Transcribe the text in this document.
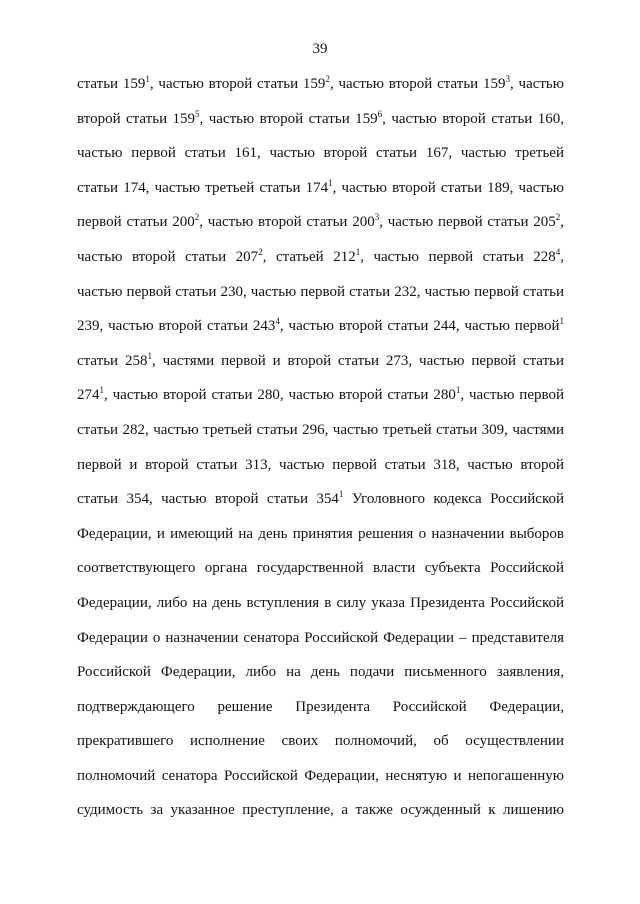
39
статьи $159^1$, частью второй статьи $159^2$, частью второй статьи $159^3$, частью
второй статьи $159^5$, частью второй статьи $159^6$, частью второй статьи 160,
частью первой статьи 161, частью второй статьи 167, частью третьей
статьи 174, частью третьей статьи $174^1$, частью второй статьи 189, частью
первой статьи $200^2$, частью второй статьи $200^3$, частью первой статьи $205^2$,
частью второй статьи $207^2$, статьей $212^1$, частью первой статьи $228^4$,
частью первой статьи 230, частью первой статьи 232, частью первой статьи
239, частью второй статьи $243^4$, частью второй статьи 244, частью первой$^1$
статьи $258^1$, частями первой и второй статьи 273, частью первой статьи
$274^1$, частью второй статьи 280, частью второй статьи $280^1$, частью первой
статьи 282, частью третьей статьи 296, частью третьей статьи 309, частями
первой и второй статьи 313, частью первой статьи 318, частью второй
статьи 354, частью второй статьи $354^1$ Уголовного кодекса Российской
Федерации, и имеющий на день принятия решения о назначении выборов
соответствующего органа государственной власти субъекта Российской
Федерации, либо на день вступления в силу указа Президента Российской
Федерации о назначении сенатора Российской Федерации – представителя
Российской Федерации, либо на день подачи письменного заявления,
подтверждающего решение Президента Российской Федерации,
прекратившего исполнение своих полномочий, об осуществлении
полномочий сенатора Российской Федерации, неснятую и непогашенную
судимость за указанное преступление, а также осужденный к лишению
